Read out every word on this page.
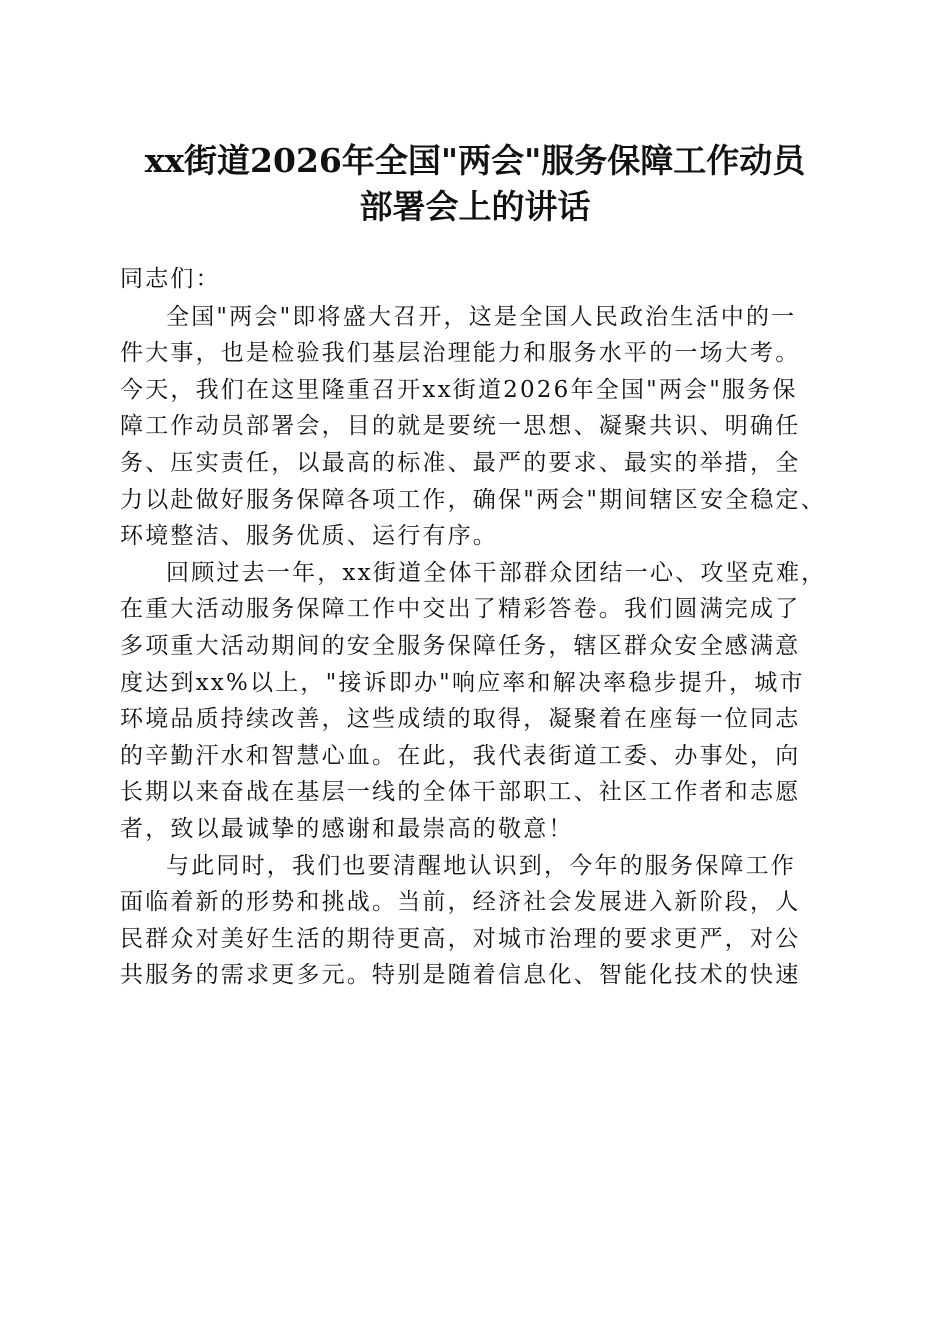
xx街道2026年全国"两会"服务保障工作动员
部署会上的讲话

同志们：

全国"两会"即将盛大召开，这是全国人民政治生活中的一
件大事，也是检验我们基层治理能力和服务水平的一场大考。
今天，我们在这里隆重召开xx街道2026年全国"两会"服务保
障工作动员部署会，目的就是要统一思想、凝聚共识、明确任
务、压实责任，以最高的标准、最严的要求、最实的举措，全
力以赴做好服务保障各项工作，确保"两会"期间辖区安全稳定、
环境整洁、服务优质、运行有序。

回顾过去一年，xx街道全体干部群众团结一心、攻坚克难，
在重大活动服务保障工作中交出了精彩答卷。我们圆满完成了
多项重大活动期间的安全服务保障任务，辖区群众安全感满意
度达到xx%以上，"接诉即办"响应率和解决率稳步提升，城市
环境品质持续改善，这些成绩的取得，凝聚着在座每一位同志
的辛勤汗水和智慧心血。在此，我代表街道工委、办事处，向
长期以来奋战在基层一线的全体干部职工、社区工作者和志愿
者，致以最诚挚的感谢和最崇高的敬意！

与此同时，我们也要清醒地认识到，今年的服务保障工作
面临着新的形势和挑战。当前，经济社会发展进入新阶段，人
民群众对美好生活的期待更高，对城市治理的要求更严，对公
共服务的需求更多元。特别是随着信息化、智能化技术的快速
